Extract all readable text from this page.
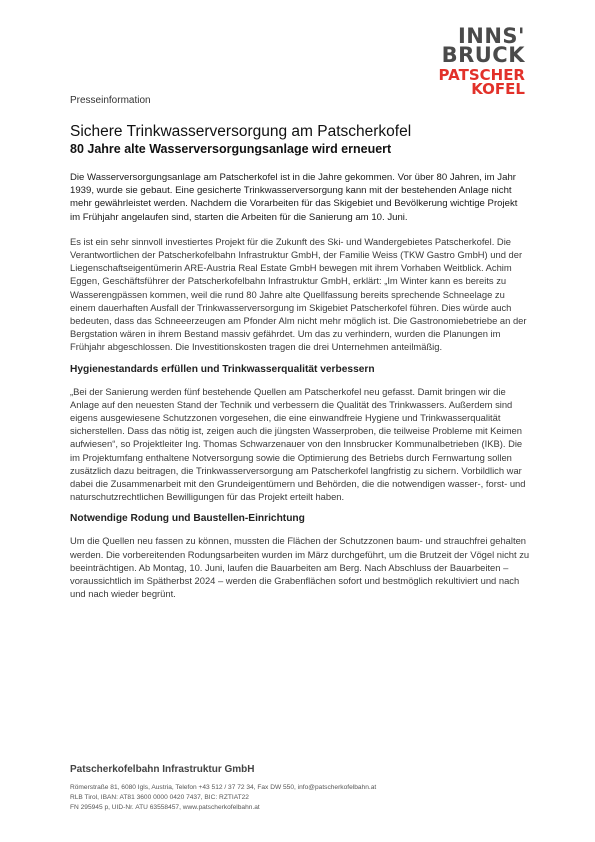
INNS'
BRUCK
PATSCHER
KOFEL

Presseinformation

Sichere Trinkwasserversorgung am Patscherkofel
80 Jahre alte Wasserversorgungsanlage wird erneuert

Die Wasserversorgungsanlage am Patscherkofel ist in die Jahre gekommen. Vor über 80 Jahren, im Jahr 1939, wurde sie gebaut. Eine gesicherte Trinkwasserversorgung kann mit der bestehenden Anlage nicht mehr gewährleistet werden. Nachdem die Vorarbeiten für das Skigebiet und Bevölkerung wichtige Projekt im Frühjahr angelaufen sind, starten die Arbeiten für die Sanierung am 10. Juni.

Es ist ein sehr sinnvoll investiertes Projekt für die Zukunft des Ski- und Wandergebietes Patscherkofel. Die Verantwortlichen der Patscherkofelbahn Infrastruktur GmbH, der Familie Weiss (TKW Gastro GmbH) und der Liegenschaftseigentümerin ARE-Austria Real Estate GmbH bewegen mit ihrem Vorhaben Weitblick. Achim Eggen, Geschäftsführer der Patscherkofelbahn Infrastruktur GmbH, erklärt: „Im Winter kann es bereits zu Wasserengpässen kommen, weil die rund 80 Jahre alte Quellfassung bereits sprechende Schneelage zu einem dauerhaften Ausfall der Trinkwasserversorgung im Skigebiet Patscherkofel führen. Dies würde auch bedeuten, dass das Schneeerzeugen am Pfonder Alm nicht mehr möglich ist. Die Gastronomiebetriebe an der Bergstation wären in ihrem Bestand massiv gefährdet. Um das zu verhindern, wurden die Planungen im Frühjahr abgeschlossen. Die Investitionskosten tragen die drei Unternehmen anteilmäßig.

Hygienestandards erfüllen und Trinkwasserqualität verbessern

„Bei der Sanierung werden fünf bestehende Quellen am Patscherkofel neu gefasst. Damit bringen wir die Anlage auf den neuesten Stand der Technik und verbessern die Qualität des Trinkwassers. Außerdem sind eigens ausgewiesene Schutzzonen vorgesehen, die eine einwandfreie Hygiene und Trinkwasserqualität sicherstellen. Dass das nötig ist, zeigen auch die jüngsten Wasserproben, die teilweise Probleme mit Keimen aufwiesen“, so Projektleiter Ing. Thomas Schwarzenauer von den Innsbrucker Kommunalbetrieben (IKB). Die im Projektumfang enthaltene Notversorgung sowie die Optimierung des Betriebs durch Fernwartung sollen zusätzlich dazu beitragen, die Trinkwasserversorgung am Patscherkofel langfristig zu sichern. Vorbildlich war dabei die Zusammenarbeit mit den Grundeigentümern und Behörden, die die notwendigen wasser-, forst- und naturschutzrechtlichen Bewilligungen für das Projekt erteilt haben.

Notwendige Rodung und Baustellen-Einrichtung

Um die Quellen neu fassen zu können, mussten die Flächen der Schutzzonen baum- und strauchfrei gehalten werden. Die vorbereitenden Rodungsarbeiten wurden im März durchgeführt, um die Brutzeit der Vögel nicht zu beeinträchtigen. Ab Montag, 10. Juni, laufen die Bauarbeiten am Berg. Nach Abschluss der Bauarbeiten – voraussichtlich im Spätherbst 2024 – werden die Grabenflächen sofort und bestmöglich rekultiviert und nach und nach wieder begrünt.

Patscherkofelbahn Infrastruktur GmbH
Römerstraße 81, 6080 Igls, Austria, Telefon +43 512 / 37 72 34, Fax DW 550, info@patscherkofelbahn.at
RLB Tirol, IBAN: AT81 3600 0000 0420 7437, BIC: RZTIAT22
FN 295945 p, UID-Nr. ATU 63558457, www.patscherkofelbahn.at
